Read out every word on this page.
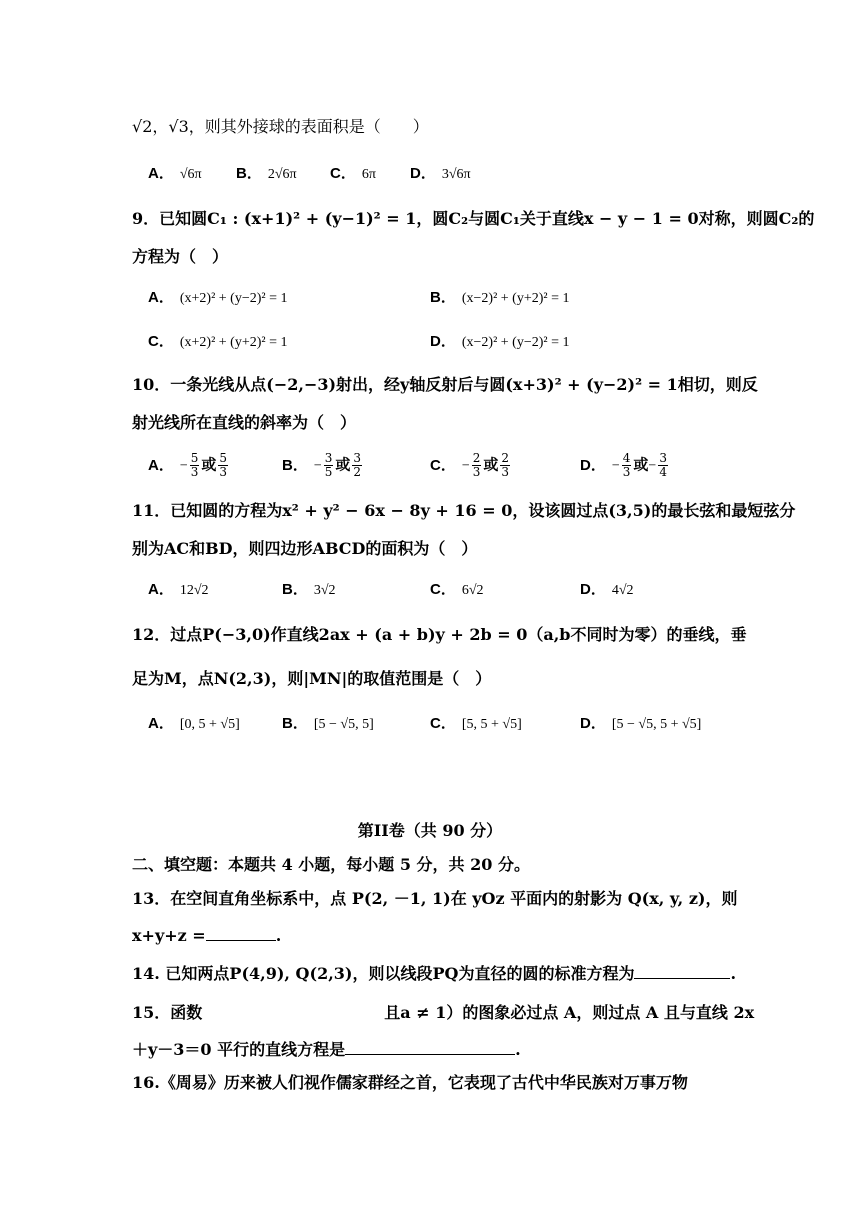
√2，√3，则其外接球的表面积是（　　）
A． √6π B． 2√6π C． 6π D． 3√6π
9．已知圆C₁ : (x+1)² + (y−1)² = 1，圆C₂与圆C₁关于直线x − y − 1 = 0对称，则圆C₂的
方程为（　）
A． (x+2)² + (y−2)² = 1	B． (x−2)² + (y+2)² = 1
C． (x+2)² + (y+2)² = 1	D． (x−2)² + (y−2)² = 1
10．一条光线从点(−2,−3)射出，经y轴反射后与圆(x+3)² + (y−2)² = 1相切，则反
射光线所在直线的斜率为（　）
A． − $\frac{5}{3}$ 或 $\frac{5}{3}$	B． − $\frac{3}{5}$ 或 $\frac{3}{2}$	C． − $\frac{2}{3}$ 或 $\frac{2}{3}$	D． − $\frac{4}{3}$ 或− $\frac{3}{4}$
11．已知圆的方程为x² + y² − 6x − 8y + 16 = 0，设该圆过点(3,5)的最长弦和最短弦分
别为AC和BD，则四边形ABCD的面积为（　）
A． 12√2	B． 3√2	C． 6√2	D． 4√2
12．过点P(−3,0)作直线2ax + (a + b)y + 2b = 0（a,b不同时为零）的垂线，垂
足为M，点N(2,3)，则|MN|的取值范围是（　）
A． [0, 5 + √5]	B． [5 − √5, 5]	C． [5, 5 + √5]	D． [5 − √5, 5 + √5]
第II卷（共 90 分）
二、填空题：本题共 4 小题，每小题 5 分，共 20 分。
13．在空间直角坐标系中，点 P(2, －1, 1)在 yOz 平面内的射影为 Q(x, y, z)，则
x+y+z =	.
14. 已知两点P(4,9), Q(2,3)，则以线段PQ为直径的圆的标准方程为	.
15．函数	且a ≠ 1）的图象必过点 A，则过点 A 且与直线 2x
＋y－3＝0 平行的直线方程是	.
16.《周易》历来被人们视作儒家群经之首，它表现了古代中华民族对万事万物
